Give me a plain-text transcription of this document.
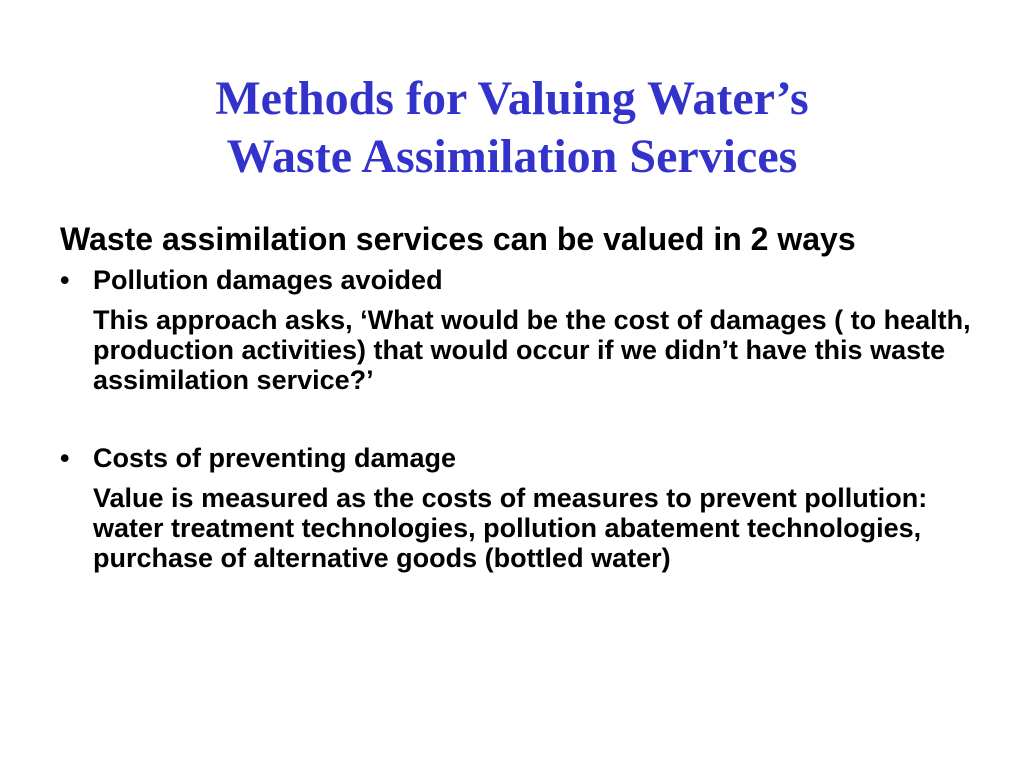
Methods for Valuing Water’s
Waste Assimilation Services

Waste assimilation services can be valued in 2 ways

• Pollution damages avoided

This approach asks, ‘What would be the cost of damages ( to health, production activities) that would occur if we didn’t have this waste assimilation service?’

• Costs of preventing damage

Value is measured as the costs of measures to prevent pollution: water treatment technologies, pollution abatement technologies, purchase of alternative goods (bottled water)
